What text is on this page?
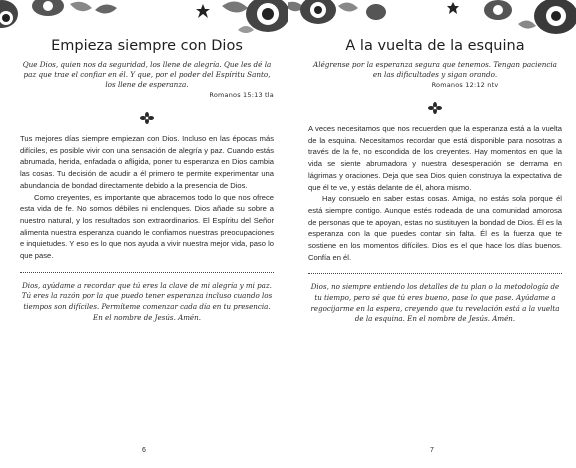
Empieza siempre con Dios

Que Dios, quien nos da seguridad, los llene de alegría. Que les dé la paz que trae el confiar en él. Y que, por el poder del Espíritu Santo, los llene de esperanza.

Romanos 15:13 tla

Tus mejores días siempre empiezan con Dios. Incluso en las épocas más difíciles, es posible vivir con una sensación de alegría y paz. Cuando estás abrumada, herida, enfadada o afligida, poner tu esperanza en Dios cambia las cosas. Tu decisión de acudir a él primero te permite experimentar una abundancia de bondad directamente debido a la presencia de Dios.

Como creyentes, es importante que abracemos todo lo que nos ofrece esta vida de fe. No somos débiles ni enclenques. Dios añade su sobre a nuestro natural, y los resultados son extraordinarios. El Espíritu del Señor alimenta nuestra esperanza cuando le confiamos nuestras preocupaciones e inquietudes. Y eso es lo que nos ayuda a vivir nuestra mejor vida, paso lo que pase.

Dios, ayúdame a recordar que tú eres la clave de mi alegría y mi paz. Tú eres la razón por la que puedo tener esperanza incluso cuando los tiempos son difíciles. Permíteme comenzar cada día en tu presencia. En el nombre de Jesús. Amén.

6
A la vuelta de la esquina

Alégrense por la esperanza segura que tenemos. Tengan paciencia en las dificultades y sigan orando.

Romanos 12:12 ntv

A veces necesitamos que nos recuerden que la esperanza está a la vuelta de la esquina. Necesitamos recordar que está disponible para nosotras a través de la fe, no escondida de los creyentes. Hay momentos en que la vida se siente abrumadora y nuestra desesperación se derrama en lágrimas y oraciones. Deja que sea Dios quien construya la expectativa de que él te ve, y estás delante de él, ahora mismo.

Hay consuelo en saber estas cosas. Amiga, no estás sola porque él está siempre contigo. Aunque estés rodeada de una comunidad amorosa de personas que te apoyan, estas no sustituyen la bondad de Dios. Él es la esperanza con la que puedes contar sin falta. Él es la fuerza que te sostiene en los momentos difíciles. Dios es el que hace los días buenos. Confía en él.

Dios, no siempre entiendo los detalles de tu plan o la metodología de tu tiempo, pero sé que tú eres bueno, pase lo que pase. Ayúdame a regocijarme en la espera, creyendo que tu revelación está a la vuelta de la esquina. En el nombre de Jesús. Amén.

7
